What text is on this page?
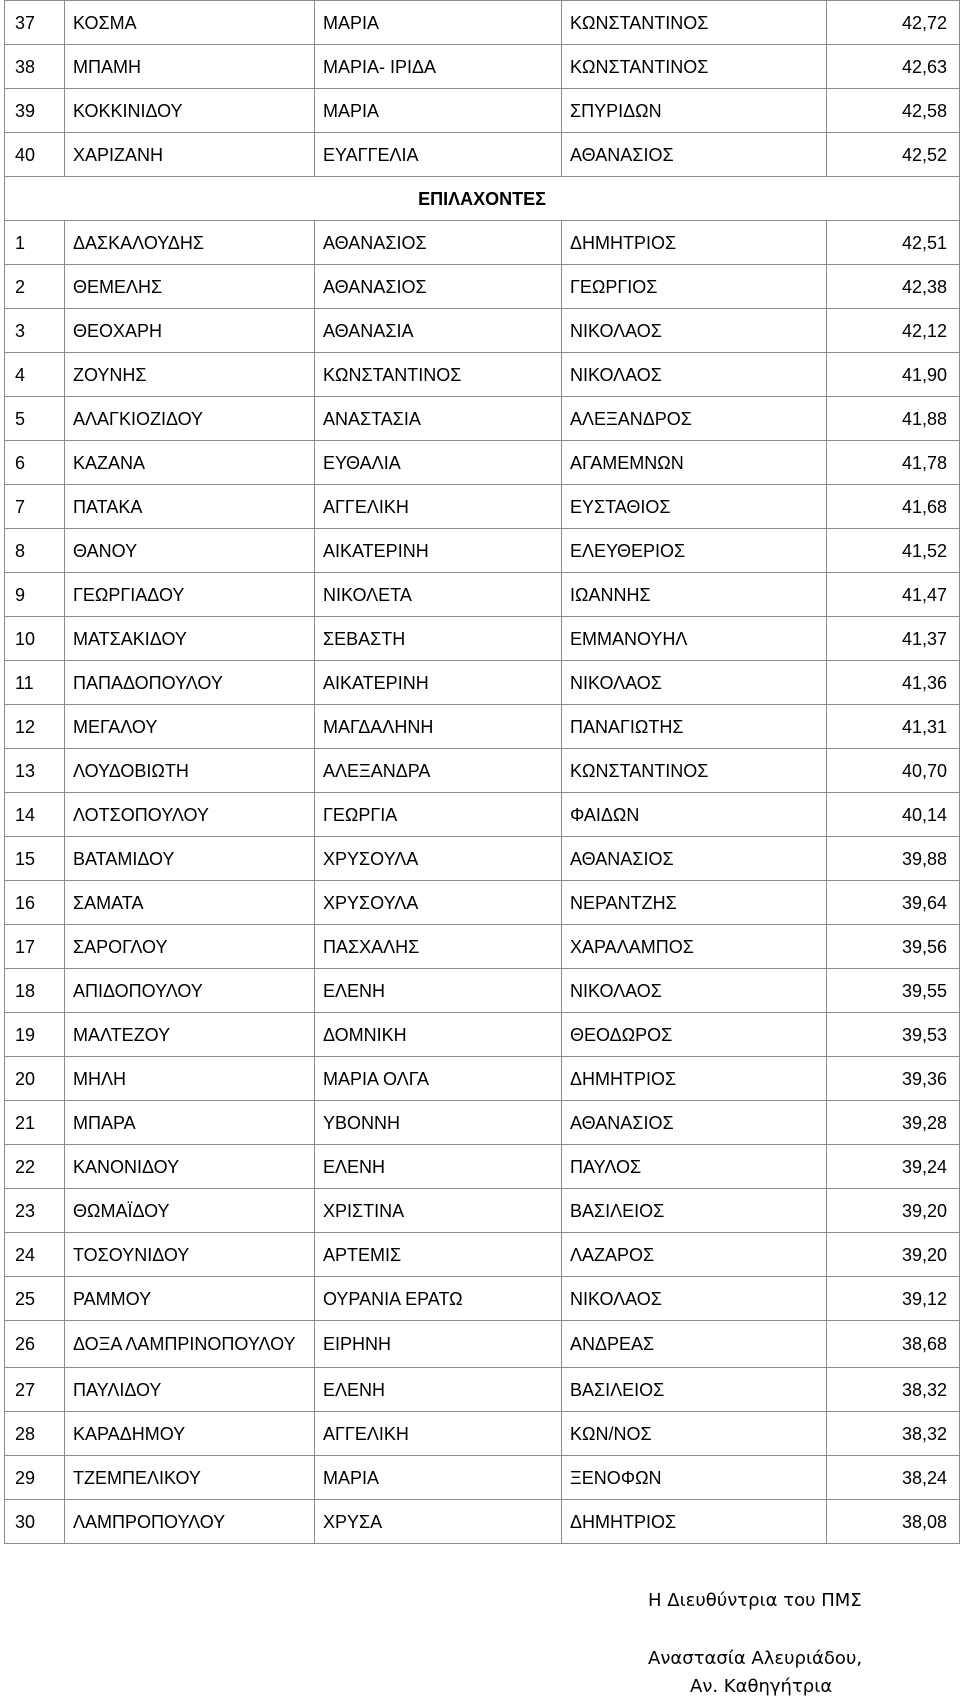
37	ΚΟΣΜΑ	ΜΑΡΙΑ	ΚΩΝΣΤΑΝΤΙΝΟΣ	42,72
38	ΜΠΑΜΗ	ΜΑΡΙΑ- ΙΡΙΔΑ	ΚΩΝΣΤΑΝΤΙΝΟΣ	42,63
39	ΚΟΚΚΙΝΙΔΟΥ	ΜΑΡΙΑ	ΣΠΥΡΙΔΩΝ	42,58
40	ΧΑΡΙΖΑΝΗ	ΕΥΑΓΓΕΛΙΑ	ΑΘΑΝΑΣΙΟΣ	42,52
ΕΠΙΛΑΧΟΝΤΕΣ				
1	ΔΑΣΚΑΛΟΥΔΗΣ	ΑΘΑΝΑΣΙΟΣ	ΔΗΜΗΤΡΙΟΣ	42,51
2	ΘΕΜΕΛΗΣ	ΑΘΑΝΑΣΙΟΣ	ΓΕΩΡΓΙΟΣ	42,38
3	ΘΕΟΧΑΡΗ	ΑΘΑΝΑΣΙΑ	ΝΙΚΟΛΑΟΣ	42,12
4	ΖΟΥΝΗΣ	ΚΩΝΣΤΑΝΤΙΝΟΣ	ΝΙΚΟΛΑΟΣ	41,90
5	ΑΛΑΓΚΙΟΖΙΔΟΥ	ΑΝΑΣΤΑΣΙΑ	ΑΛΕΞΑΝΔΡΟΣ	41,88
6	ΚΑΖΑΝΑ	ΕΥΘΑΛΙΑ	ΑΓΑΜΕΜΝΩΝ	41,78
7	ΠΑΤΑΚΑ	ΑΓΓΕΛΙΚΗ	ΕΥΣΤΑΘΙΟΣ	41,68
8	ΘΑΝΟΥ	ΑΙΚΑΤΕΡΙΝΗ	ΕΛΕΥΘΕΡΙΟΣ	41,52
9	ΓΕΩΡΓΙΑΔΟΥ	ΝΙΚΟΛΕΤΑ	ΙΩΑΝΝΗΣ	41,47
10	ΜΑΤΣΑΚΙΔΟΥ	ΣΕΒΑΣΤΗ	ΕΜΜΑΝΟΥΗΛ	41,37
11	ΠΑΠΑΔΟΠΟΥΛΟΥ	ΑΙΚΑΤΕΡΙΝΗ	ΝΙΚΟΛΑΟΣ	41,36
12	ΜΕΓΑΛΟΥ	ΜΑΓΔΑΛΗΝΗ	ΠΑΝΑΓΙΩΤΗΣ	41,31
13	ΛΟΥΔΟΒΙΩΤΗ	ΑΛΕΞΑΝΔΡΑ	ΚΩΝΣΤΑΝΤΙΝΟΣ	40,70
14	ΛΟΤΣΟΠΟΥΛΟΥ	ΓΕΩΡΓΙΑ	ΦΑΙΔΩΝ	40,14
15	ΒΑΤΑΜΙΔΟΥ	ΧΡΥΣΟΥΛΑ	ΑΘΑΝΑΣΙΟΣ	39,88
16	ΣΑΜΑΤΑ	ΧΡΥΣΟΥΛΑ	ΝΕΡΑΝΤΖΗΣ	39,64
17	ΣΑΡΟΓΛΟΥ	ΠΑΣΧΑΛΗΣ	ΧΑΡΑΛΑΜΠΟΣ	39,56
18	ΑΠΙΔΟΠΟΥΛΟΥ	ΕΛΕΝΗ	ΝΙΚΟΛΑΟΣ	39,55
19	ΜΑΛΤΕΖΟΥ	ΔΟΜΝΙΚΗ	ΘΕΟΔΩΡΟΣ	39,53
20	ΜΗΛΗ	ΜΑΡΙΑ ΟΛΓΑ	ΔΗΜΗΤΡΙΟΣ	39,36
21	ΜΠΑΡΑ	ΥΒΟΝΝΗ	ΑΘΑΝΑΣΙΟΣ	39,28
22	ΚΑΝΟΝΙΔΟΥ	ΕΛΕΝΗ	ΠΑΥΛΟΣ	39,24
23	ΘΩΜΑΪΔΟΥ	ΧΡΙΣΤΙΝΑ	ΒΑΣΙΛΕΙΟΣ	39,20
24	ΤΟΣΟΥΝΙΔΟΥ	ΑΡΤΕΜΙΣ	ΛΑΖΑΡΟΣ	39,20
25	ΡΑΜΜΟΥ	ΟΥΡΑΝΙΑ ΕΡΑΤΩ	ΝΙΚΟΛΑΟΣ	39,12
26	ΔΟΞΑ ΛΑΜΠΡΙΝΟΠΟΥΛΟΥ	ΕΙΡΗΝΗ	ΑΝΔΡΕΑΣ	38,68
27	ΠΑΥΛΙΔΟΥ	ΕΛΕΝΗ	ΒΑΣΙΛΕΙΟΣ	38,32
28	ΚΑΡΑΔΗΜΟΥ	ΑΓΓΕΛΙΚΗ	ΚΩΝ/ΝΟΣ	38,32
29	ΤΖΕΜΠΕΛΙΚΟΥ	ΜΑΡΙΑ	ΞΕΝΟΦΩΝ	38,24
30	ΛΑΜΠΡΟΠΟΥΛΟΥ	ΧΡΥΣΑ	ΔΗΜΗΤΡΙΟΣ	38,08
Η Διευθύντρια του ΠΜΣ
Αναστασία Αλευριάδου,
Αν. Καθηγήτρια
